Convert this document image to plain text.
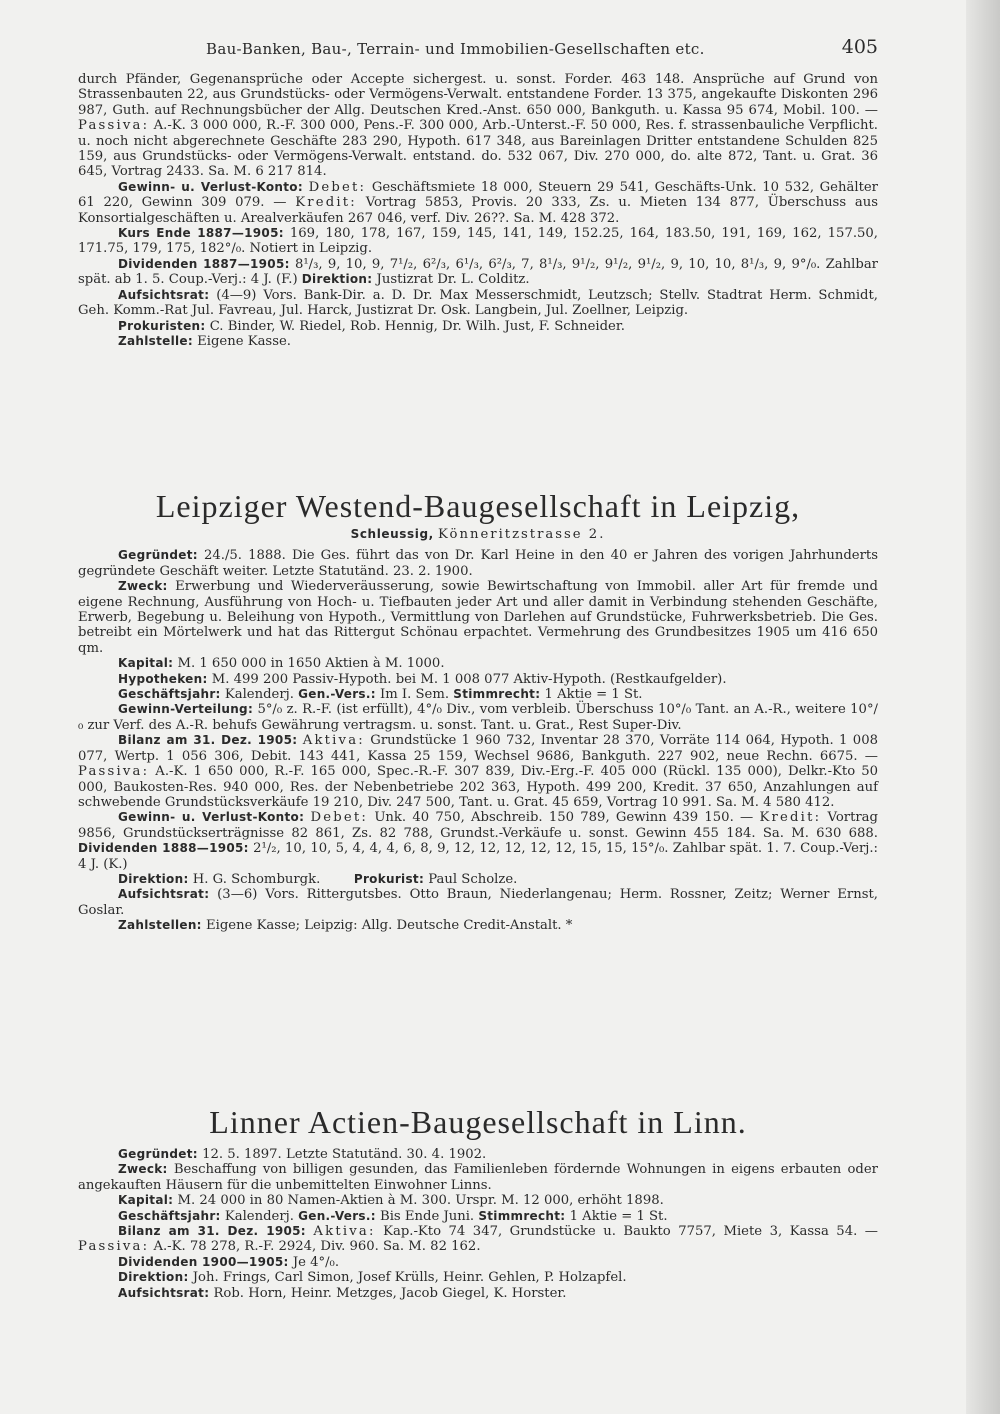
Bau-Banken, Bau-, Terrain- und Immobilien-Gesellschaften etc.	405

durch Pfänder, Gegenansprüche oder Accepte sichergest. u. sonst. Forder. 463 148. Ansprüche auf Grund von Strassenbauten 22, aus Grundstücks- oder Vermögens-Verwalt. entstandene Forder. 13 375, angekaufte Diskonten 296 987, Guth. auf Rechnungsbücher der Allg. Deutschen Kred.-Anst. 650 000, Bankguth. u. Kassa 95 674, Mobil. 100. — Passiva: A.-K. 3 000 000, R.-F. 300 000, Pens.-F. 300 000, Arb.-Unterst.-F. 50 000, Res. f. strassenbauliche Verpflicht. u. noch nicht abgerechnete Geschäfte 283 290, Hypoth. 617 348, aus Bareinlagen Dritter entstandene Schulden 825 159, aus Grundstücks- oder Vermögens-Verwalt. entstand. do. 532 067, Div. 270 000, do. alte 872, Tant. u. Grat. 36 645, Vortrag 2433. Sa. M. 6 217 814.

Gewinn- u. Verlust-Konto: Debet: Geschäftsmiete 18 000, Steuern 29 541, Geschäfts-Unk. 10 532, Gehälter 61 220, Gewinn 309 079. — Kredit: Vortrag 5853, Provis. 20 333, Zs. u. Mieten 134 877, Überschuss aus Konsortialgeschäften u. Arealverkäufen 267 046, verf. Div. 26??. Sa. M. 428 372.

Kurs Ende 1887—1905: 169, 180, 178, 167, 159, 145, 141, 149, 152.25, 164, 183.50, 191, 169, 162, 157.50, 171.75, 179, 175, 182°/₀. Notiert in Leipzig.

Dividenden 1887—1905: 8¹/₃, 9, 10, 9, 7¹/₂, 6²/₃, 6¹/₃, 6²/₃, 7, 8¹/₃, 9¹/₂, 9¹/₂, 9¹/₂, 9, 10, 10, 8¹/₃, 9, 9°/₀. Zahlbar spät. ab 1. 5. Coup.-Verj.: 4 J. (F.) Direktion: Justizrat Dr. L. Colditz.

Aufsichtsrat: (4—9) Vors. Bank-Dir. a. D. Dr. Max Messerschmidt, Leutzsch; Stellv. Stadtrat Herm. Schmidt, Geh. Komm.-Rat Jul. Favreau, Jul. Harck, Justizrat Dr. Osk. Langbein, Jul. Zoellner, Leipzig.

Prokuristen: C. Binder, W. Riedel, Rob. Hennig, Dr. Wilh. Just, F. Schneider.

Zahlstelle: Eigene Kasse.

Leipziger Westend-Baugesellschaft in Leipzig,
Schleussig, Könneritzstrasse 2.

Gegründet: 24./5. 1888. Die Ges. führt das von Dr. Karl Heine in den 40 er Jahren des vorigen Jahrhunderts gegründete Geschäft weiter. Letzte Statutänd. 23. 2. 1900.

Zweck: Erwerbung und Wiederveräusserung, sowie Bewirtschaftung von Immobil. aller Art für fremde und eigene Rechnung, Ausführung von Hoch- u. Tiefbauten jeder Art und aller damit in Verbindung stehenden Geschäfte, Erwerb, Begebung u. Beleihung von Hypoth., Vermittlung von Darlehen auf Grundstücke, Fuhrwerksbetrieb. Die Ges. betreibt ein Mörtelwerk und hat das Rittergut Schönau erpachtet. Vermehrung des Grundbesitzes 1905 um 416 650 qm.

Kapital: M. 1 650 000 in 1650 Aktien à M. 1000.

Hypotheken: M. 499 200 Passiv-Hypoth. bei M. 1 008 077 Aktiv-Hypoth. (Restkaufgelder).

Geschäftsjahr: Kalenderj. Gen.-Vers.: Im I. Sem. Stimmrecht: 1 Aktie = 1 St.

Gewinn-Verteilung: 5°/₀ z. R.-F. (ist erfüllt), 4°/₀ Div., vom verbleib. Überschuss 10°/₀ Tant. an A.-R., weitere 10°/₀ zur Verf. des A.-R. behufs Gewährung vertragsm. u. sonst. Tant. u. Grat., Rest Super-Div.

Bilanz am 31. Dez. 1905: Aktiva: Grundstücke 1 960 732, Inventar 28 370, Vorräte 114 064, Hypoth. 1 008 077, Wertp. 1 056 306, Debit. 143 441, Kassa 25 159, Wechsel 9686, Bankguth. 227 902, neue Rechn. 6675. — Passiva: A.-K. 1 650 000, R.-F. 165 000, Spec.-R.-F. 307 839, Div.-Erg.-F. 405 000 (Rückl. 135 000), Delkr.-Kto 50 000, Baukosten-Res. 940 000, Res. der Nebenbetriebe 202 363, Hypoth. 499 200, Kredit. 37 650, Anzahlungen auf schwebende Grundstücksverkäufe 19 210, Div. 247 500, Tant. u. Grat. 45 659, Vortrag 10 991. Sa. M. 4 580 412.

Gewinn- u. Verlust-Konto: Debet: Unk. 40 750, Abschreib. 150 789, Gewinn 439 150. — Kredit: Vortrag 9856, Grundstückserträgnisse 82 861, Zs. 82 788, Grundst.-Verkäufe u. sonst. Gewinn 455 184. Sa. M. 630 688. Dividenden 1888—1905: 2¹/₂, 10, 10, 5, 4, 4, 4, 6, 8, 9, 12, 12, 12, 12, 12, 15, 15, 15°/₀. Zahlbar spät. 1. 7. Coup.-Verj.: 4 J. (K.)

Direktion: H. G. Schomburgk.	Prokurist: Paul Scholze.

Aufsichtsrat: (3—6) Vors. Rittergutsbes. Otto Braun, Niederlangenau; Herm. Rossner, Zeitz; Werner Ernst, Goslar.

Zahlstellen: Eigene Kasse; Leipzig: Allg. Deutsche Credit-Anstalt. *

Linner Actien-Baugesellschaft in Linn.

Gegründet: 12. 5. 1897. Letzte Statutänd. 30. 4. 1902.

Zweck: Beschaffung von billigen gesunden, das Familienleben fördernde Wohnungen in eigens erbauten oder angekauften Häusern für die unbemittelten Einwohner Linns.

Kapital: M. 24 000 in 80 Namen-Aktien à M. 300. Urspr. M. 12 000, erhöht 1898.

Geschäftsjahr: Kalenderj. Gen.-Vers.: Bis Ende Juni. Stimmrecht: 1 Aktie = 1 St.

Bilanz am 31. Dez. 1905: Aktiva: Kap.-Kto 74 347, Grundstücke u. Baukto 7757, Miete 3, Kassa 54. — Passiva: A.-K. 78 278, R.-F. 2924, Div. 960. Sa. M. 82 162.

Dividenden 1900—1905: Je 4°/₀.

Direktion: Joh. Frings, Carl Simon, Josef Krülls, Heinr. Gehlen, P. Holzapfel.

Aufsichtsrat: Rob. Horn, Heinr. Metzges, Jacob Giegel, K. Horster.
